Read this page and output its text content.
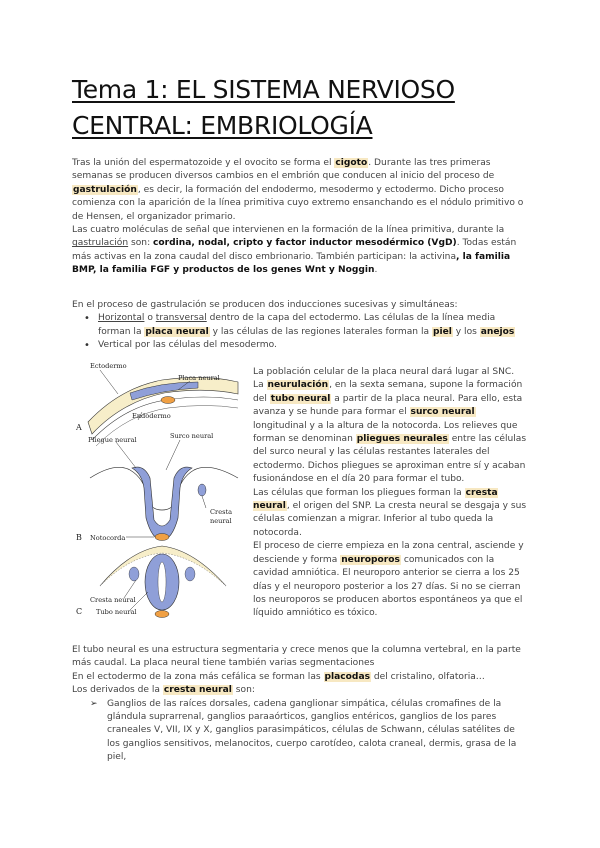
Tema 1: EL SISTEMA NERVIOSO
CENTRAL: EMBRIOLOGÍA

Tras la unión del espermatozoide y el ovocito se forma el cigoto. Durante las tres primeras semanas se producen diversos cambios en el embrión que conducen al inicio del proceso de gastrulación, es decir, la formación del endodermo, mesodermo y ectodermo. Dicho proceso comienza con la aparición de la línea primitiva cuyo extremo ensanchando es el nódulo primitivo o de Hensen, el organizador primario.

Las cuatro moléculas de señal que intervienen en la formación de la línea primitiva, durante la gastrulación son: cordina, nodal, cripto y factor inductor mesodérmico (VgD). Todas están más activas en la zona caudal del disco embrionario. También participan: la activina, la familia BMP, la familia FGF y productos de los genes Wnt y Noggin.

En el proceso de gastrulación se producen dos inducciones sucesivas y simultáneas:

• Horizontal o transversal dentro de la capa del ectodermo. Las células de la línea media forman la placa neural y las células de las regiones laterales forman la piel y los anejos
• Vertical por las células del mesodermo.
Ectodermo
Placa neural
Endodermo
A
Pliegue neural	Surco neural
Cresta
neural
Notocorda
B
Cresta neural
Tubo neural
C

La población celular de la placa neural dará lugar al SNC.

La neurulación, en la sexta semana, supone la formación del tubo neural a partir de la placa neural. Para ello, esta avanza y se hunde para formar el surco neural longitudinal y a la altura de la notocorda. Los relieves que forman se denominan pliegues neurales entre las células del surco neural y las células restantes laterales del ectodermo. Dichos pliegues se aproximan entre sí y acaban fusionándose en el día 20 para formar el tubo.

Las células que forman los pliegues forman la cresta neural, el origen del SNP. La cresta neural se desgaja y sus células comienzan a migrar. Inferior al tubo queda la notocorda.

El proceso de cierre empieza en la zona central, asciende y desciende y forma neuroporos comunicados con la cavidad amniótica. El neuroporo anterior se cierra a los 25 días y el neuroporo posterior a los 27 días. Si no se cierran los neuroporos se producen abortos espontáneos ya que el líquido amniótico es tóxico.

El tubo neural es una estructura segmentaria y crece menos que la columna vertebral, en la parte más caudal. La placa neural tiene también varias segmentaciones

En el ectodermo de la zona más cefálica se forman las placodas del cristalino, olfatoria…

Los derivados de la cresta neural son:

➢ Ganglios de las raíces dorsales, cadena ganglionar simpática, células cromafines de la glándula suprarrenal, ganglios paraaórticos, ganglios entéricos, ganglios de los pares craneales V, VII, IX y X, ganglios parasimpáticos, células de Schwann, células satélites de los ganglios sensitivos, melanocitos, cuerpo carotídeo, calota craneal, dermis, grasa de la piel,
